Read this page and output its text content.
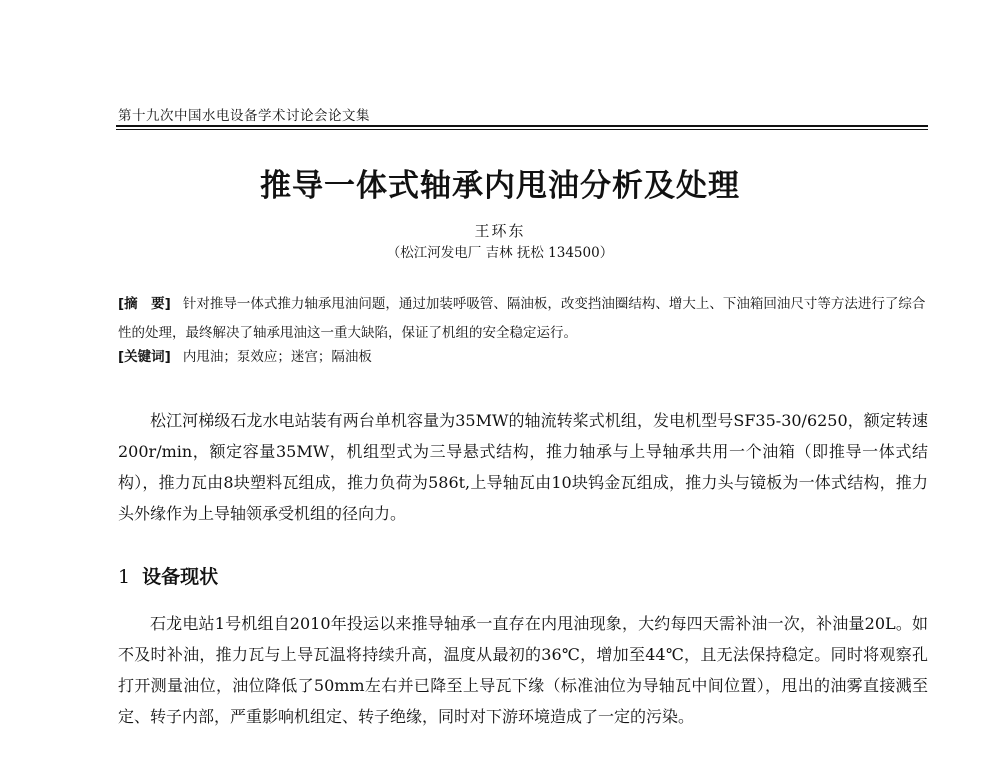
第十九次中国水电设备学术讨论会论文集
推导一体式轴承内甩油分析及处理
王环东
（松江河发电厂 吉林 抚松 134500）
[摘　要] 针对推导一体式推力轴承甩油问题，通过加装呼吸管、隔油板，改变挡油圈结构、增大上、下油箱回油尺寸等方法进行了综合性的处理，最终解决了轴承甩油这一重大缺陷，保证了机组的安全稳定运行。
[关键词] 内甩油；泵效应；迷宫；隔油板
松江河梯级石龙水电站装有两台单机容量为35MW的轴流转桨式机组，发电机型号SF35-30/6250，额定转速200r/min，额定容量35MW，机组型式为三导悬式结构，推力轴承与上导轴承共用一个油箱（即推导一体式结构），推力瓦由8块塑料瓦组成，推力负荷为586t,上导轴瓦由10块钨金瓦组成，推力头与镜板为一体式结构，推力头外缘作为上导轴领承受机组的径向力。
1 设备现状
石龙电站1号机组自2010年投运以来推导轴承一直存在内甩油现象，大约每四天需补油一次，补油量20L。如不及时补油，推力瓦与上导瓦温将持续升高，温度从最初的36℃，增加至44℃，且无法保持稳定。同时将观察孔打开测量油位，油位降低了50mm左右并已降至上导瓦下缘（标准油位为导轴瓦中间位置），甩出的油雾直接溅至定、转子内部，严重影响机组定、转子绝缘，同时对下游环境造成了一定的污染。
